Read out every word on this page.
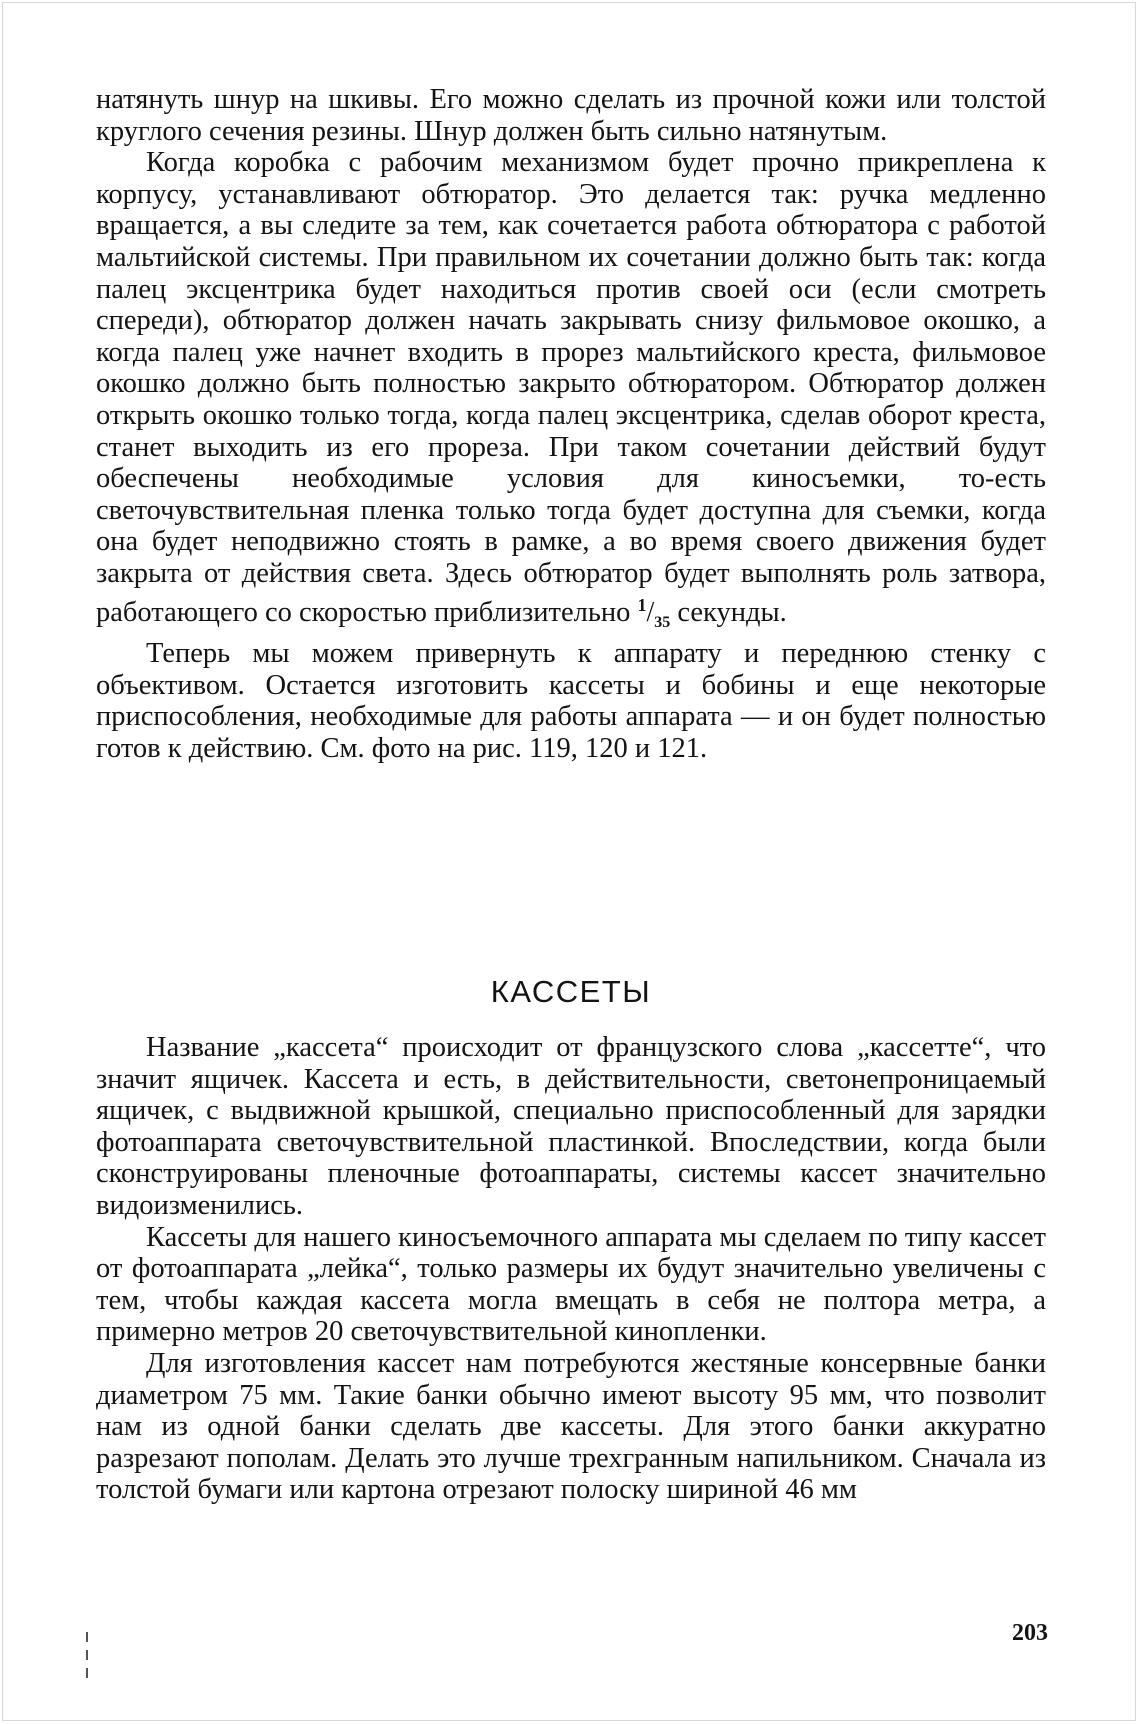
натянуть шнур на шкивы. Его можно сделать из прочной кожи или толстой круглого сечения резины. Шнур должен быть сильно натянутым.

Когда коробка с рабочим механизмом будет прочно прикреплена к корпусу, устанавливают обтюратор. Это делается так: ручка медленно вращается, а вы следите за тем, как сочетается работа обтюратора с работой мальтийской системы. При правильном их сочетании должно быть так: когда палец эксцентрика будет находиться против своей оси (если смотреть спереди), обтюратор должен начать закрывать снизу фильмовое окошко, а когда палец уже начнет входить в прорез мальтийского креста, фильмовое окошко должно быть полностью закрыто обтюратором. Обтюратор должен открыть окошко только тогда, когда палец эксцентрика, сделав оборот креста, станет выходить из его прореза. При таком сочетании действий будут обеспечены необходимые условия для киносъемки, то-есть светочувствительная пленка только тогда будет доступна для съемки, когда она будет неподвижно стоять в рамке, а во время своего движения будет закрыта от действия света. Здесь обтюратор будет выполнять роль затвора, работающего со скоростью приблизительно $^1/_{35}$ секунды.

Теперь мы можем привернуть к аппарату и переднюю стенку с объективом. Остается изготовить кассеты и бобины и еще некоторые приспособления, необходимые для работы аппарата — и он будет полностью готов к действию. См. фото на рис. 119, 120 и 121.

КАССЕТЫ

Название „кассета“ происходит от французского слова „кассетте“, что значит ящичек. Кассета и есть, в действительности, светонепроницаемый ящичек, с выдвижной крышкой, специально приспособленный для зарядки фотоаппарата светочувствительной пластинкой. Впоследствии, когда были сконструированы пленочные фотоаппараты, системы кассет значительно видоизменились.

Кассеты для нашего киносъемочного аппарата мы сделаем по типу кассет от фотоаппарата „лейка“, только размеры их будут значительно увеличены с тем, чтобы каждая кассета могла вмещать в себя не полтора метра, а примерно метров 20 светочувствительной кинопленки.

Для изготовления кассет нам потребуются жестяные консервные банки диаметром 75 мм. Такие банки обычно имеют высоту 95 мм, что позволит нам из одной банки сделать две кассеты. Для этого банки аккуратно разрезают пополам. Делать это лучше трехгранным напильником. Сначала из толстой бумаги или картона отрезают полоску шириной 46 мм

203
